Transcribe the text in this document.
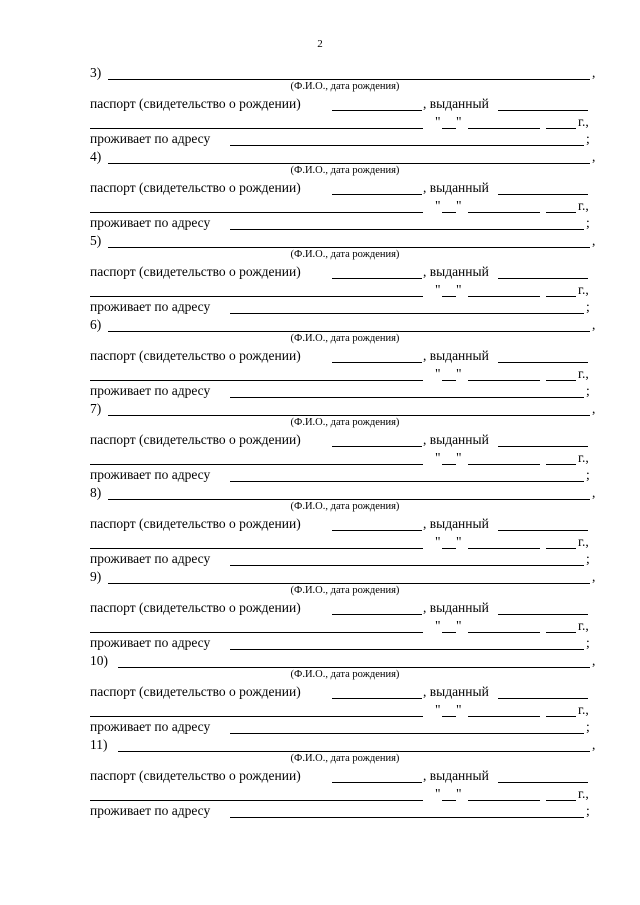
2
3)	,
(Ф.И.О., дата рождения)
паспорт (свидетельство о рождении)	, выданный
" "	г.,
проживает по адресу	;
4)	,
(Ф.И.О., дата рождения)
паспорт (свидетельство о рождении)	, выданный
" "	г.,
проживает по адресу	;
5)	,
(Ф.И.О., дата рождения)
паспорт (свидетельство о рождении)	, выданный
" "	г.,
проживает по адресу	;
6)	,
(Ф.И.О., дата рождения)
паспорт (свидетельство о рождении)	, выданный
" "	г.,
проживает по адресу	;
7)	,
(Ф.И.О., дата рождения)
паспорт (свидетельство о рождении)	, выданный
" "	г.,
проживает по адресу	;
8)	,
(Ф.И.О., дата рождения)
паспорт (свидетельство о рождении)	, выданный
" "	г.,
проживает по адресу	;
9)	,
(Ф.И.О., дата рождения)
паспорт (свидетельство о рождении)	, выданный
" "	г.,
проживает по адресу	;
10)	,
(Ф.И.О., дата рождения)
паспорт (свидетельство о рождении)	, выданный
" "	г.,
проживает по адресу	;
11)	,
(Ф.И.О., дата рождения)
паспорт (свидетельство о рождении)	, выданный
" "	г.,
проживает по адресу	;
